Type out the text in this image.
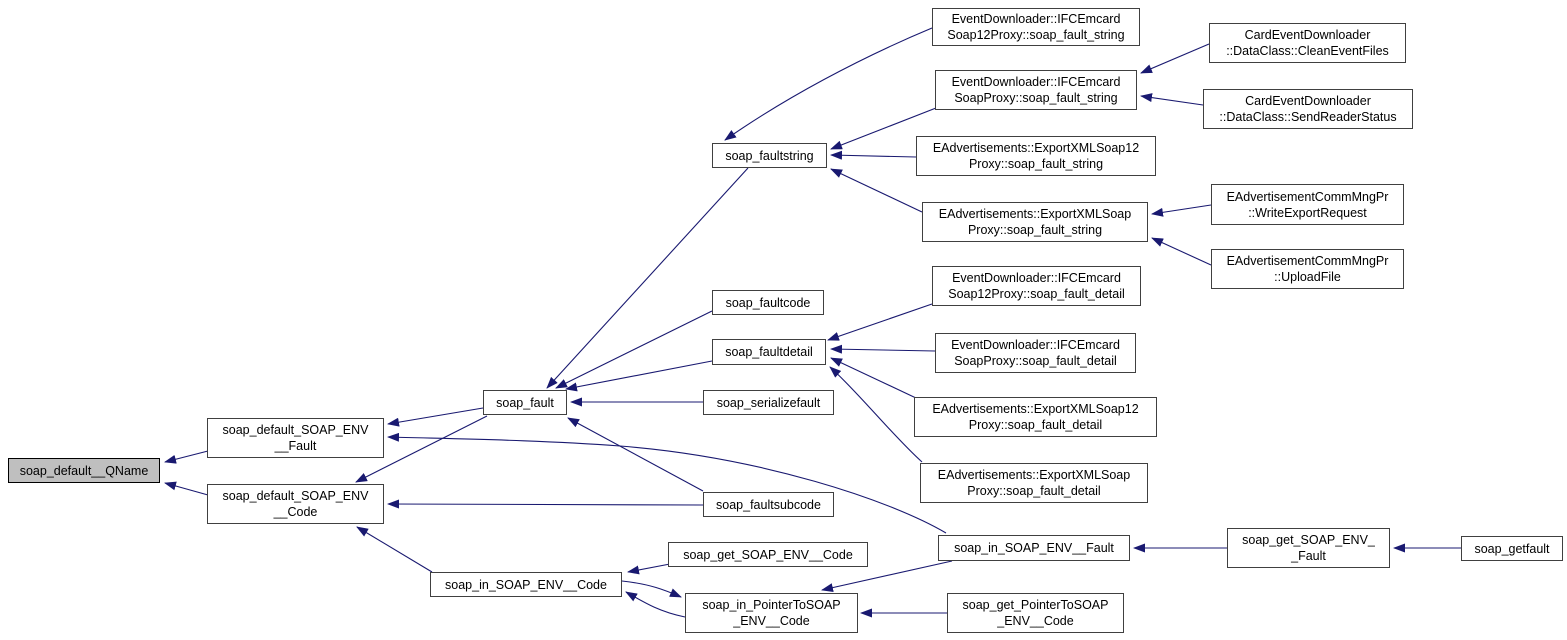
soap_default__QName
soap_default_SOAP_ENV
__Fault
soap_default_SOAP_ENV
__Code
soap_fault
soap_faultstring
soap_faultcode
soap_faultdetail
soap_serializefault
soap_faultsubcode
soap_in_SOAP_ENV__Code
soap_in_PointerToSOAP
_ENV__Code
soap_get_SOAP_ENV__Code
EventDownloader::IFCEmcard
Soap12Proxy::soap_fault_string
EventDownloader::IFCEmcard
SoapProxy::soap_fault_string
EAdvertisements::ExportXMLSoap12
Proxy::soap_fault_string
EAdvertisements::ExportXMLSoap
Proxy::soap_fault_string
EventDownloader::IFCEmcard
Soap12Proxy::soap_fault_detail
EventDownloader::IFCEmcard
SoapProxy::soap_fault_detail
EAdvertisements::ExportXMLSoap12
Proxy::soap_fault_detail
EAdvertisements::ExportXMLSoap
Proxy::soap_fault_detail
soap_in_SOAP_ENV__Fault
soap_get_SOAP_ENV_
_Fault
soap_getfault
soap_get_PointerToSOAP
_ENV__Code
CardEventDownloader
::DataClass::CleanEventFiles
CardEventDownloader
::DataClass::SendReaderStatus
EAdvertisementCommMngPr
::WriteExportRequest
EAdvertisementCommMngPr
::UploadFile
